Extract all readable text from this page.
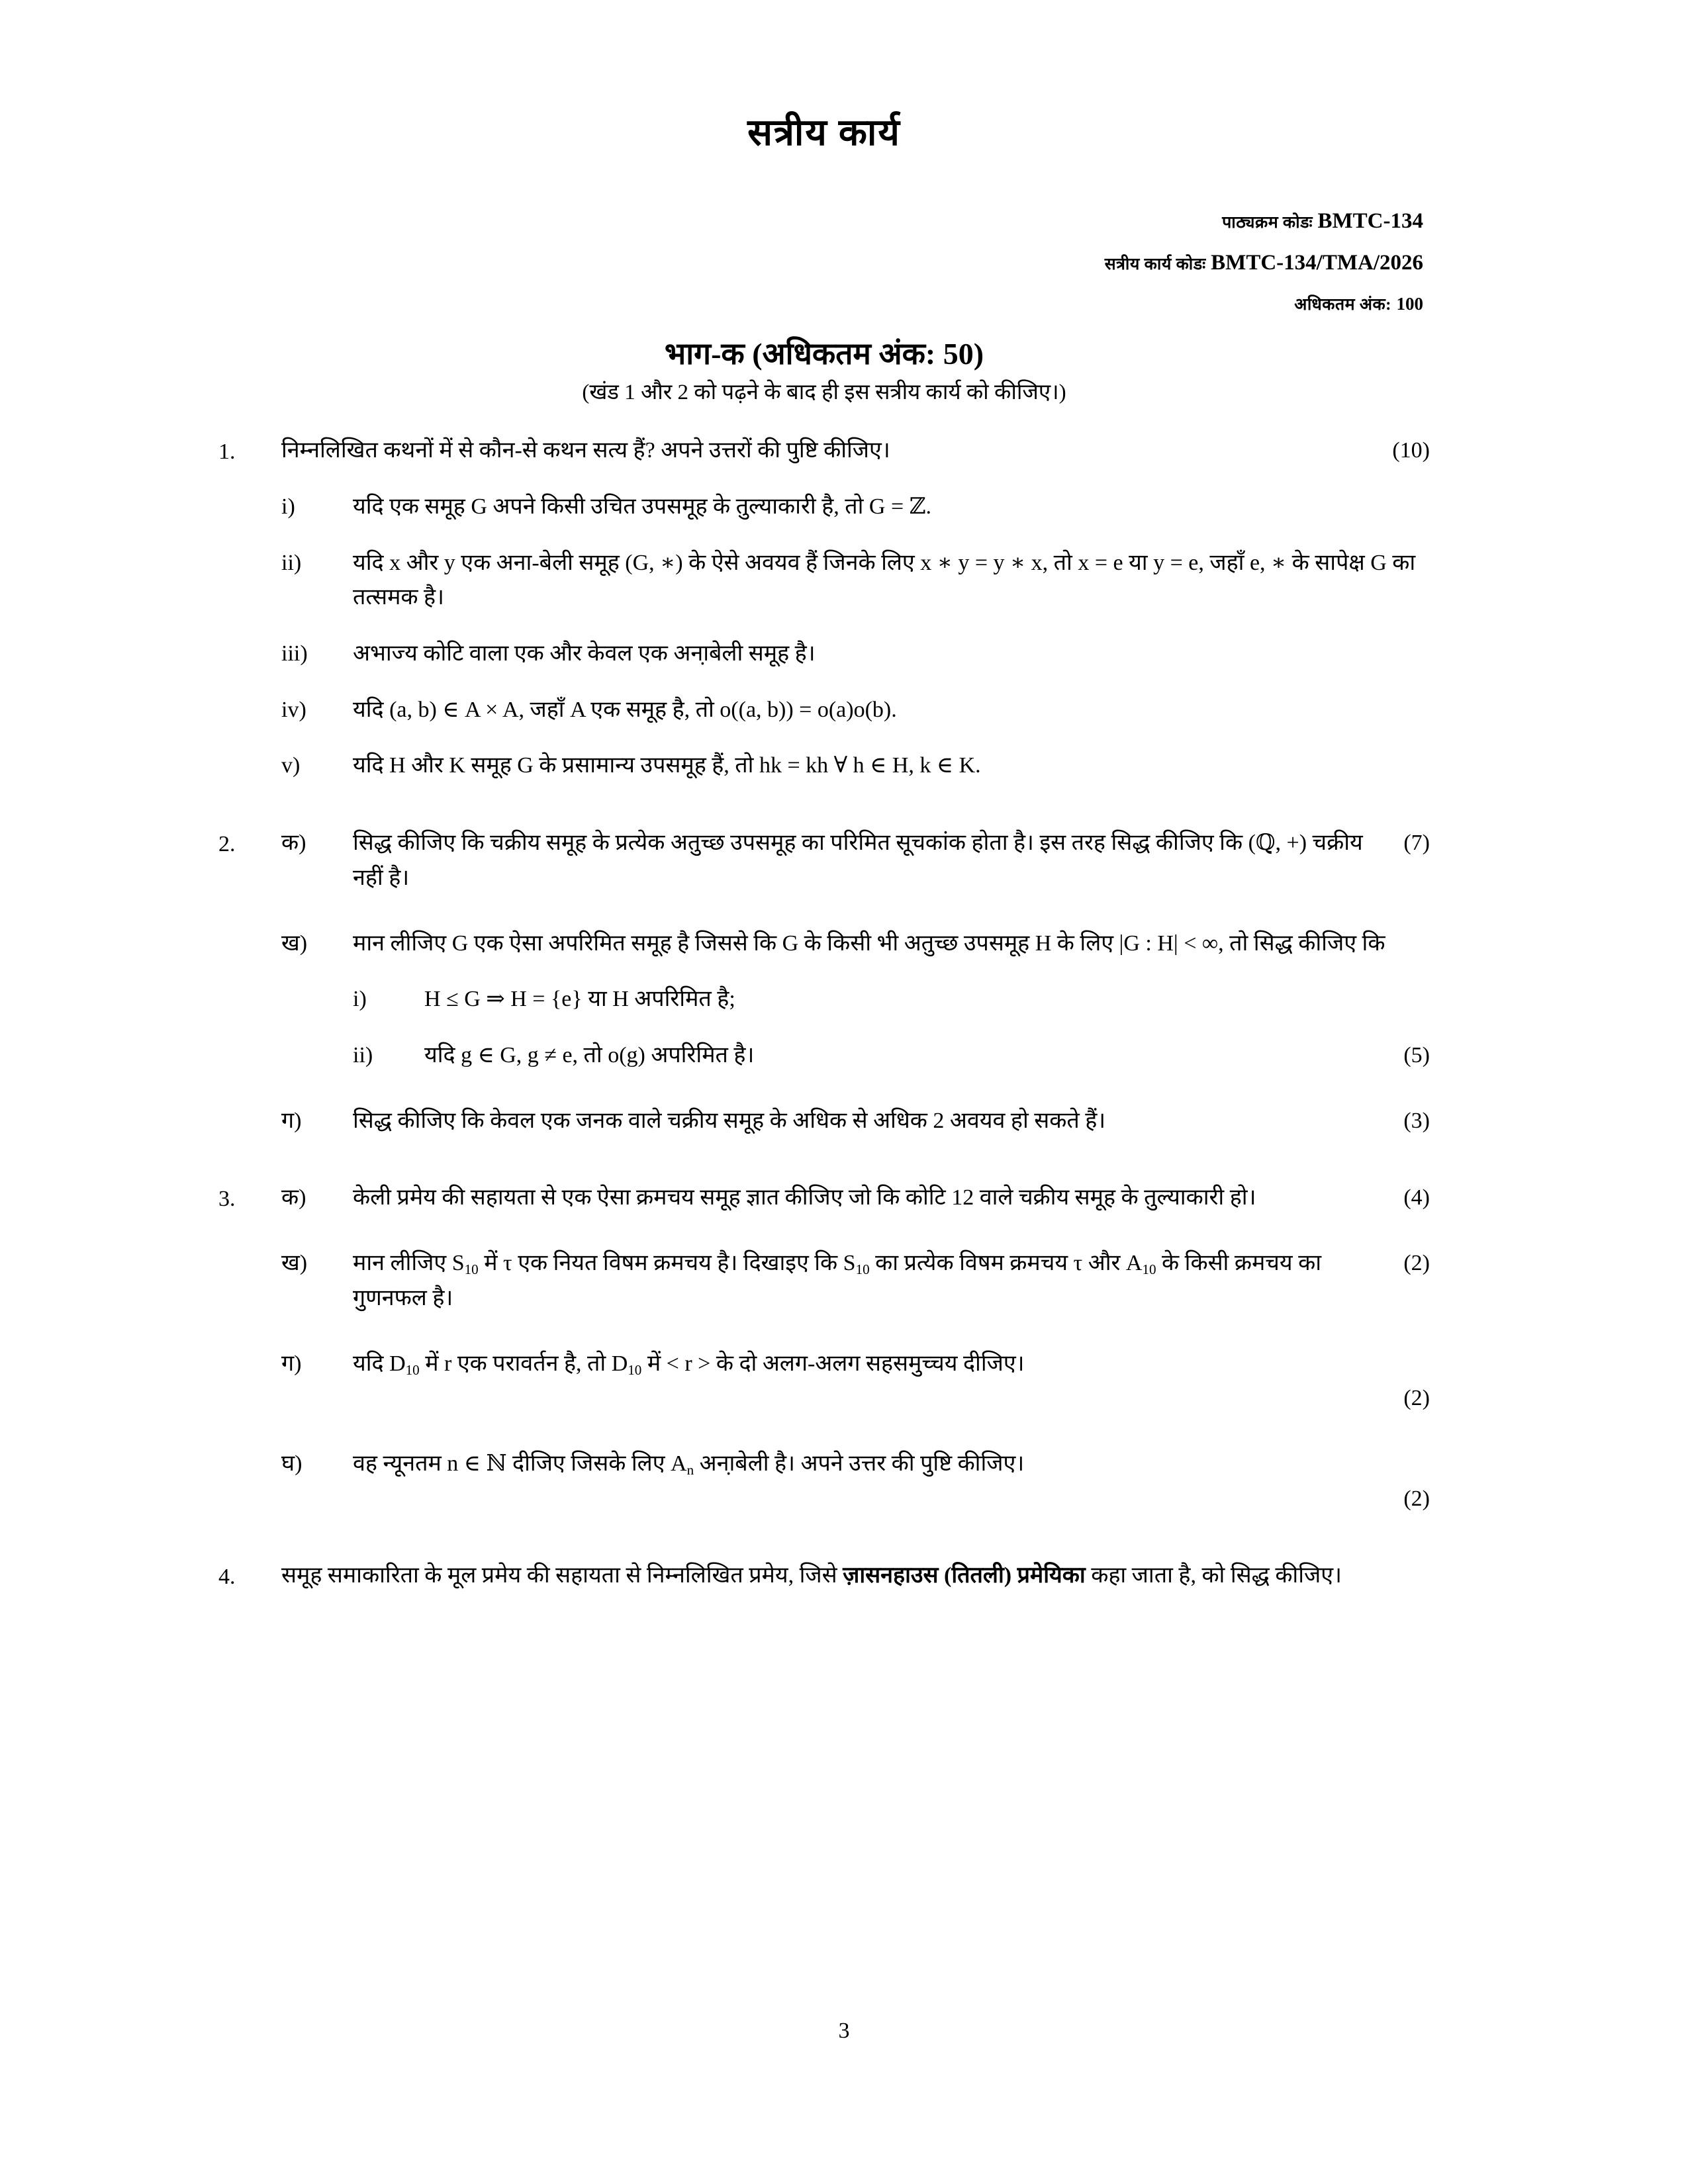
सत्रीय कार्य
पाठ्यक्रम कोडः BMTC-134
सत्रीय कार्य कोडः BMTC-134/TMA/2026
अधिकतम अंक: 100
भाग-क (अधिकतम अंक: 50)
(खंड 1 और 2 को पढ़ने के बाद ही इस सत्रीय कार्य को कीजिए।)
1.	(10)
निम्नलिखित कथनों में से कौन-से कथन सत्य हैं? अपने उत्तरों की पुष्टि कीजिए।
i)	यदि एक समूह G अपने किसी उचित उपसमूह के तुल्याकारी है, तो G = ℤ.
ii)	यदि x और y एक अना-बेली समूह (G, ∗) के ऐसे अवयव हैं जिनके लिए x ∗ y = y ∗ x, तो x = e या y = e, जहाँ e, ∗ के सापेक्ष G का तत्समक है।
iii)	अभाज्य कोटि वाला एक और केवल एक अना़बेली समूह है।
iv)	यदि (a, b) ∈ A × A, जहाँ A एक समूह है, तो o((a, b)) = o(a)o(b).
v)	यदि H और K समूह G के प्रसामान्य उपसमूह हैं, तो hk = kh ∀ h ∈ H, k ∈ K.
2.	क)	(7)
सिद्ध कीजिए कि चक्रीय समूह के प्रत्येक अतुच्छ उपसमूह का परिमित सूचकांक होता है। इस तरह सिद्ध कीजिए कि (ℚ, +) चक्रीय नहीं है।
ख)	मान लीजिए G एक ऐसा अपरिमित समूह है जिससे कि G के किसी भी अतुच्छ उपसमूह H के लिए |G : H| < ∞, तो सिद्ध कीजिए कि
i)	H ≤ G ⇒ H = {e} या H अपरिमित है;
ii)	(5)
यदि g ∈ G, g ≠ e, तो o(g) अपरिमित है।
ग)	(3)
सिद्ध कीजिए कि केवल एक जनक वाले चक्रीय समूह के अधिक से अधिक 2 अवयव हो सकते हैं।
3.	क)	(4)
केली प्रमेय की सहायता से एक ऐसा क्रमचय समूह ज्ञात कीजिए जो कि कोटि 12 वाले चक्रीय समूह के तुल्याकारी हो।
ख)	(2)
मान लीजिए $S_{10}$ में τ एक नियत विषम क्रमचय है। दिखाइए कि $S_{10}$ का प्रत्येक विषम क्रमचय τ और $A_{10}$ के किसी क्रमचय का गुणनफल है।
ग)	यदि $D_{10}$ में r एक परावर्तन है, तो $D_{10}$ में < r > के दो अलग-अलग सहसमुच्चय दीजिए।
(2)
घ)	वह न्यूनतम n ∈ ℕ दीजिए जिसके लिए $A_n$ अना़बेली है। अपने उत्तर की पुष्टि कीजिए।
(2)
4.	समूह समाकारिता के मूल प्रमेय की सहायता से निम्नलिखित प्रमेय, जिसे ज़ासनहाउस (तितली) प्रमेयिका कहा जाता है, को सिद्ध कीजिए।
3
